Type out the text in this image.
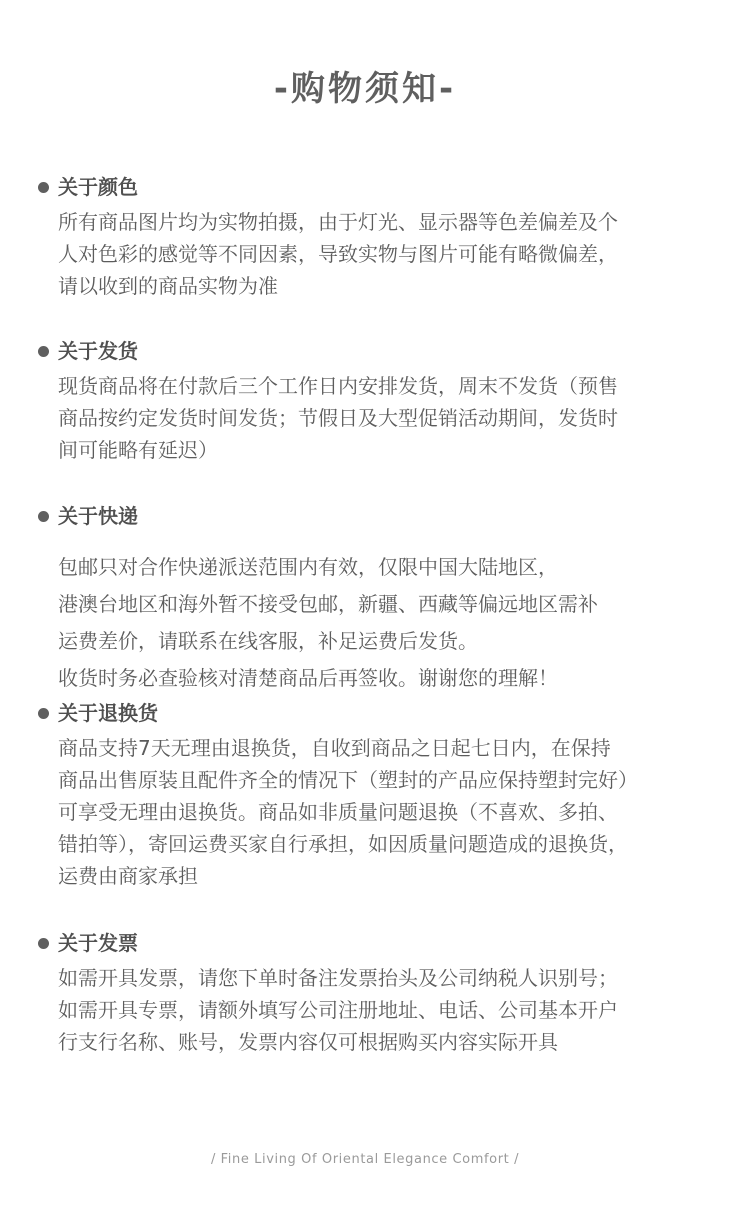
-购物须知-
关于颜色
所有商品图片均为实物拍摄，由于灯光、显示器等色差偏差及个
人对色彩的感觉等不同因素，导致实物与图片可能有略微偏差，
请以收到的商品实物为准
关于发货
现货商品将在付款后三个工作日内安排发货，周末不发货（预售
商品按约定发货时间发货；节假日及大型促销活动期间，发货时
间可能略有延迟）
关于快递
包邮只对合作快递派送范围内有效，仅限中国大陆地区，
港澳台地区和海外暂不接受包邮，新疆、西藏等偏远地区需补
运费差价，请联系在线客服，补足运费后发货。
收货时务必查验核对清楚商品后再签收。谢谢您的理解！
关于退换货
商品支持7天无理由退换货，自收到商品之日起七日内，在保持
商品出售原装且配件齐全的情况下（塑封的产品应保持塑封完好）
可享受无理由退换货。商品如非质量问题退换（不喜欢、多拍、
错拍等），寄回运费买家自行承担，如因质量问题造成的退换货，
运费由商家承担
关于发票
如需开具发票，请您下单时备注发票抬头及公司纳税人识别号；
如需开具专票，请额外填写公司注册地址、电话、公司基本开户
行支行名称、账号，发票内容仅可根据购买内容实际开具
/ Fine Living Of Oriental Elegance Comfort /
